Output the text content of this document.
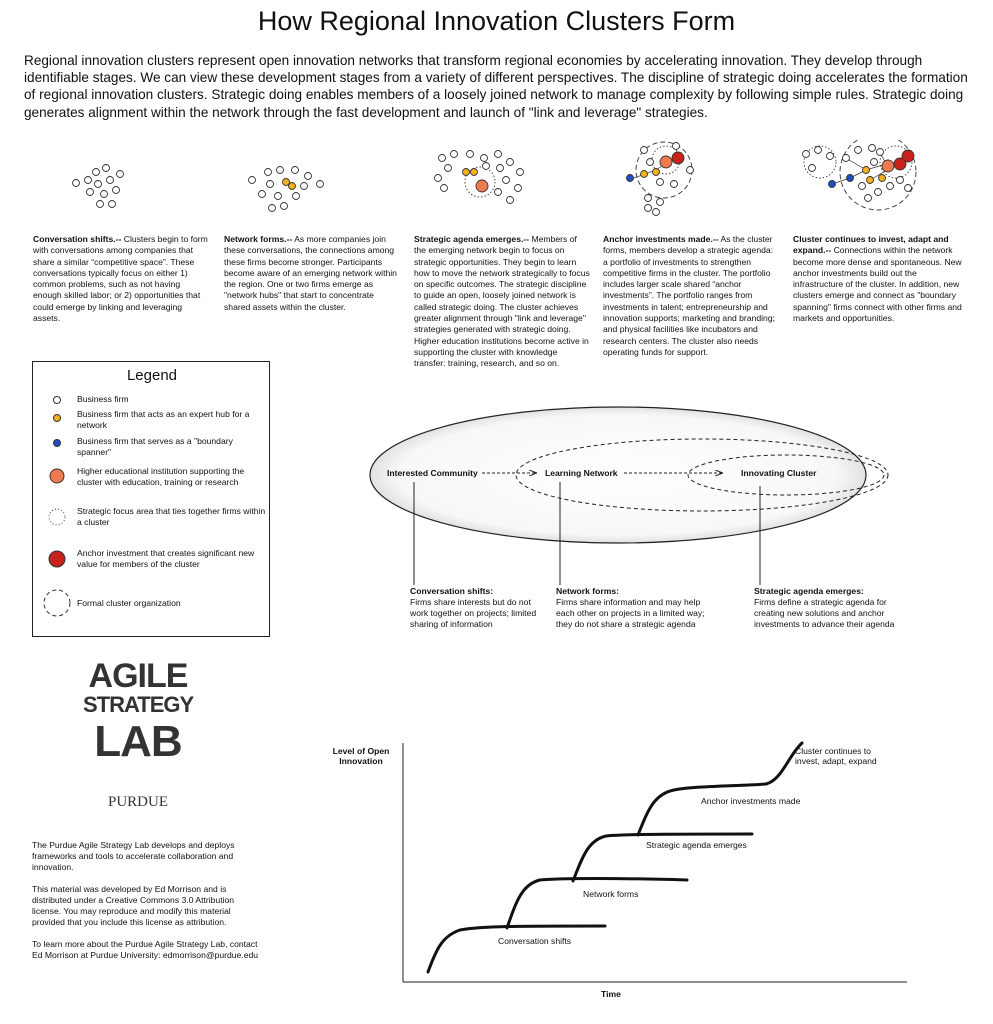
How Regional Innovation Clusters Form
Regional innovation clusters represent open innovation networks that transform regional economies by accelerating innovation. They develop through identifiable stages. We can view these development stages from a variety of different perspectives. The discipline of strategic doing accelerates the formation of regional innovation clusters. Strategic doing enables members of a loosely joined network to manage complexity by following simple rules. Strategic doing generates alignment within the network through the fast development and launch of "link and leverage" strategies.
Conversation shifts.-- Clusters begin to form with conversations among companies that share a similar “competitive space”. These conversations typically focus on either 1) common problems, such as not having enough skilled labor; or 2) opportunities that could emerge by linking and leveraging assets.
Network forms.-- As more companies join these conversations, the connections among these firms become stronger. Participants become aware of an emerging network within the region. One or two firms emerge as "network hubs" that start to concentrate shared assets within the cluster.
Strategic agenda emerges.-- Members of the emerging network begin to focus on strategic opportunities. They begin to learn how to move the network strategically to focus on specific outcomes. The strategic discipline to guide an open, loosely joined network is called strategic doing. The cluster achieves greater alignment through "link and leverage" strategies generated with strategic doing. Higher education institutions become active in supporting the cluster with knowledge transfer: training, research, and so on.
Anchor investments made.-- As the cluster forms, members develop a strategic agenda: a portfolio of investments to strengthen competitive firms in the cluster. The portfolio includes larger scale shared “anchor investments”. The portfolio ranges from investments in talent; entrepreneurship and innovation supports; marketing and branding; and physical facilities like incubators and research centers. The cluster also needs operating funds for support.
Cluster continues to invest, adapt and expand.-- Connections within the network become more dense and spontaneous. New anchor investments build out the infrastructure of the cluster. In addition, new clusters emerge and connect as "boundary spanning" firms connect with other firms and markets and opportunities.
Legend
Business firm
Business firm that acts as an expert hub for a network
Business firm that serves as a "boundary spanner"
Higher educational institution supporting the cluster with education, training or research
Strategic focus area that ties together firms within a cluster
Anchor investment that creates significant new value for members of the cluster
Formal cluster organization
Interested Community	Learning Network	Innovating Cluster
Conversation shifts:
Firms share interests but do not work together on projects; limited sharing of information
Network forms:
Firms share information and may help each other on projects in a limited way; they do not share a strategic agenda
Strategic agenda emerges:
Firms define a strategic agenda for creating new solutions and anchor investments to advance their agenda
AGILE
STRATEGY
LAB
PURDUE
The Purdue Agile Strategy Lab develops and deploys frameworks and tools to accelerate collaboration and innovation.
This material was developed by Ed Morrison and is distributed under a Creative Commons 3.0 Attribution license. You may reproduce and modify this material provided that you include this license as attribution.
To learn more about the Purdue Agile Strategy Lab, contact Ed Morrison at Purdue University: edmorrison@purdue.edu
Level of Open Innovation
Time
Conversation shifts
Network forms
Strategic agenda emerges
Anchor investments made
Cluster continues to invest, adapt, expand
